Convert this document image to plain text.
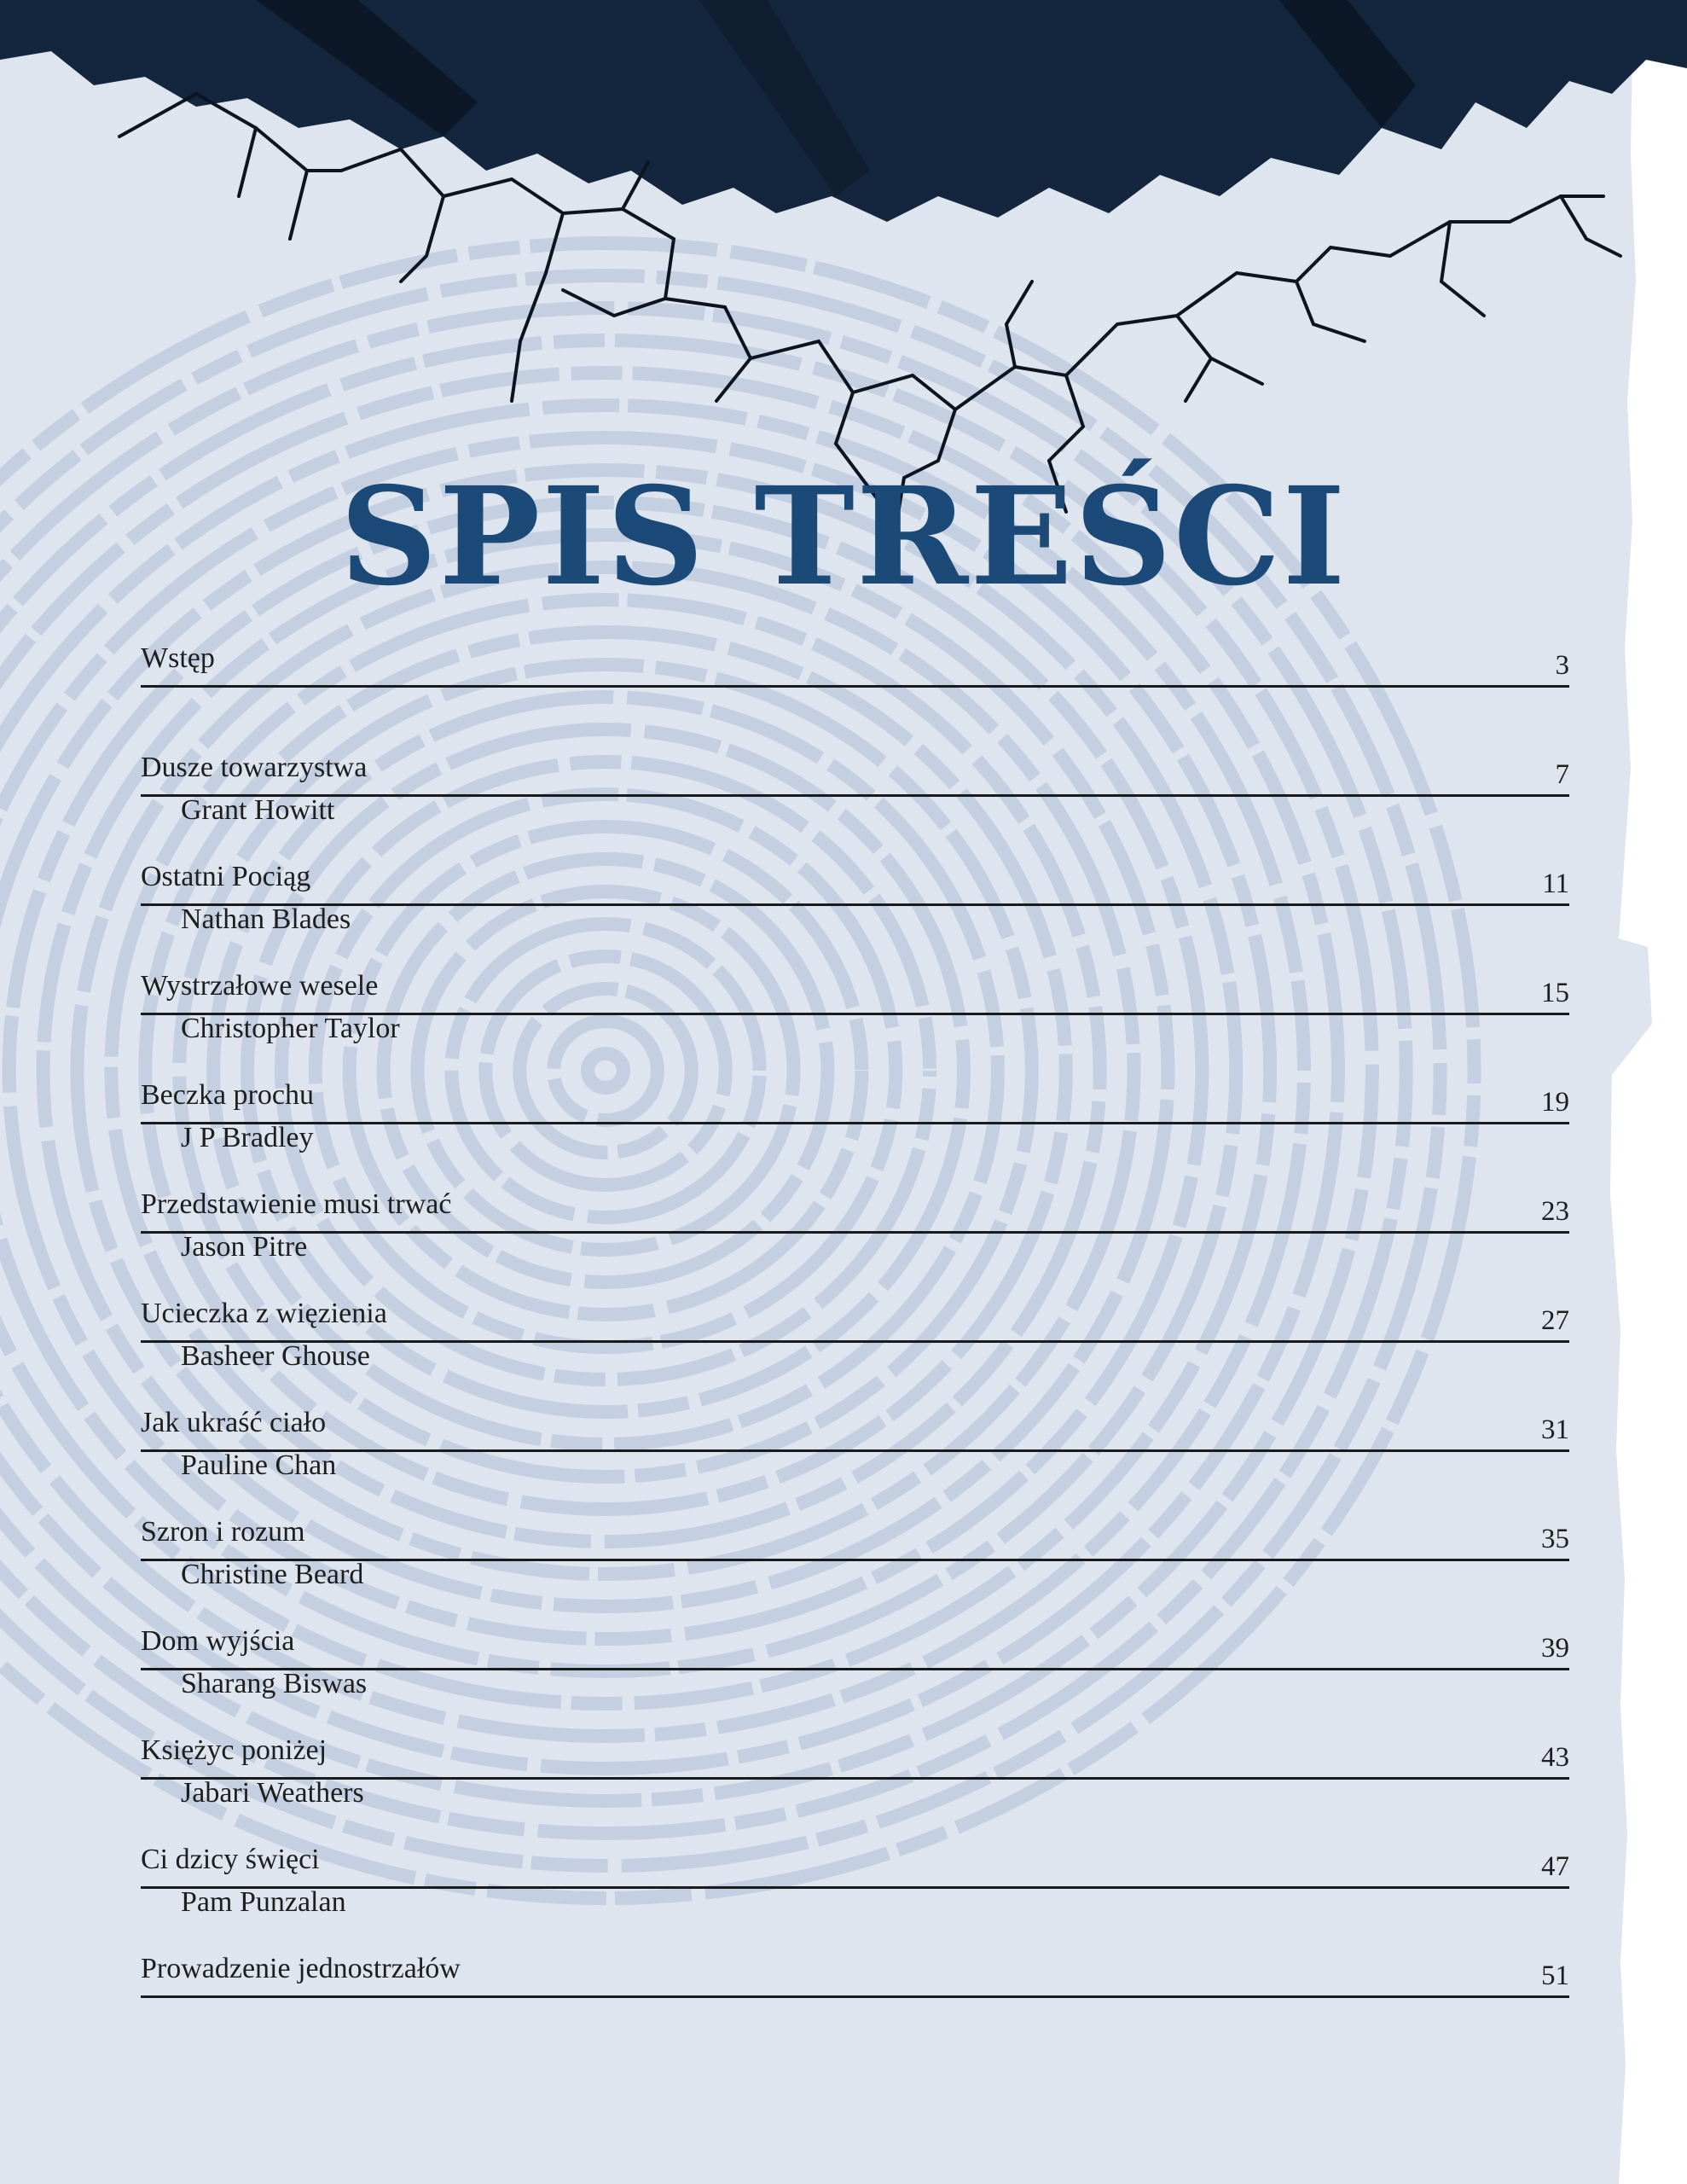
SPIS TREŚCI
Wstęp	3
Dusze towarzystwa	7
Grant Howitt
Ostatni Pociąg	11
Nathan Blades
Wystrzałowe wesele	15
Christopher Taylor
Beczka prochu	19
J P Bradley
Przedstawienie musi trwać	23
Jason Pitre
Ucieczka z więzienia	27
Basheer Ghouse
Jak ukraść ciało	31
Pauline Chan
Szron i rozum	35
Christine Beard
Dom wyjścia	39
Sharang Biswas
Księżyc poniżej	43
Jabari Weathers
Ci dzicy święci	47
Pam Punzalan
Prowadzenie jednostrzałów	51
